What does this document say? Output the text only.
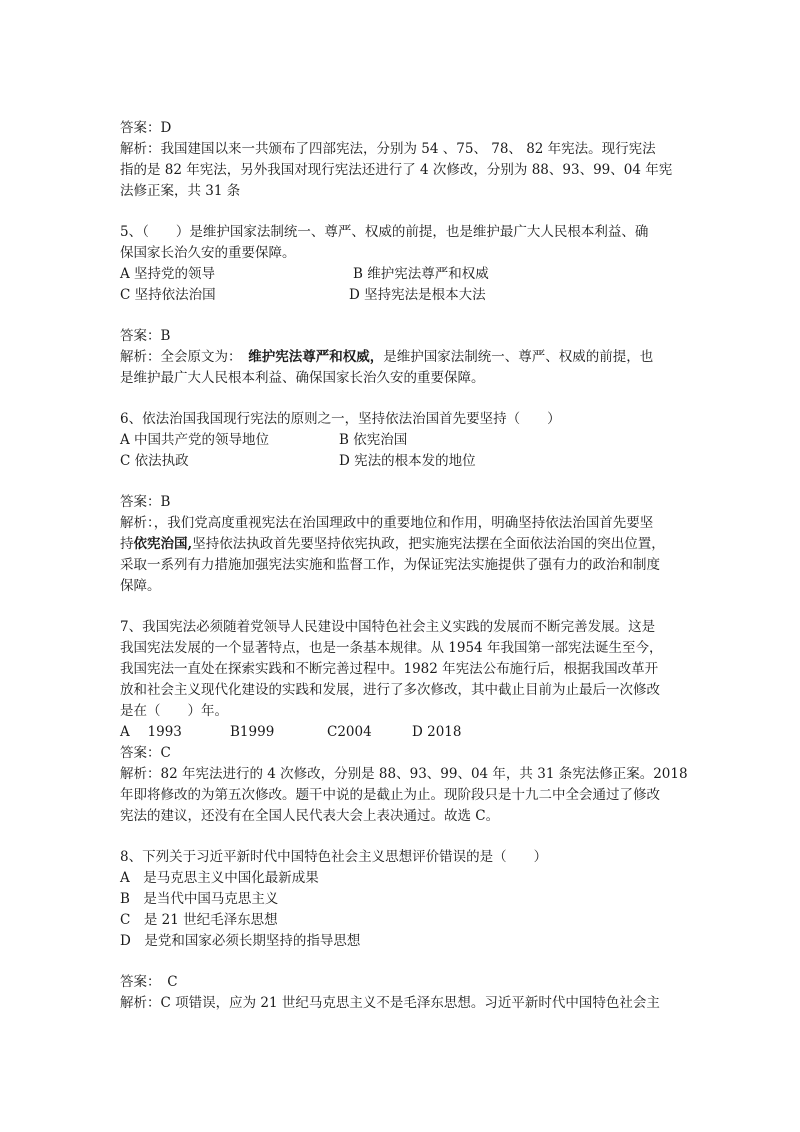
答案：D
解析：我国建国以来一共颁布了四部宪法，分别为 54 、75、 78、 82 年宪法。现行宪法
指的是 82 年宪法，另外我国对现行宪法还进行了 4 次修改，分别为 88、93、99、04 年宪
法修正案，共 31 条
5、（　　）是维护国家法制统一、尊严、权威的前提，也是维护最广大人民根本利益、确
保国家长治久安的重要保障。
A 坚持党的领导	B 维护宪法尊严和权威
C 坚持依法治国	D 坚持宪法是根本大法
答案：B
解析：全会原文为：　 维护宪法尊严和权威，是维护国家法制统一、尊严、权威的前提，也
是维护最广大人民根本利益、确保国家长治久安的重要保障。
6、依法治国我国现行宪法的原则之一，坚持依法治国首先要坚持（　　）
A 中国共产党的领导地位	B 依宪治国
C 依法执政	D 宪法的根本发的地位
答案：B
解析：，我们党高度重视宪法在治国理政中的重要地位和作用，明确坚持依法治国首先要坚
持依宪治国,坚持依法执政首先要坚持依宪执政，把实施宪法摆在全面依法治国的突出位置，
采取一系列有力措施加强宪法实施和监督工作，为保证宪法实施提供了强有力的政治和制度
保障。
7、我国宪法必须随着党领导人民建设中国特色社会主义实践的发展而不断完善发展。这是
我国宪法发展的一个显著特点，也是一条基本规律。从 1954 年我国第一部宪法诞生至今，
我国宪法一直处在探索实践和不断完善过程中。1982 年宪法公布施行后，根据我国改革开
放和社会主义现代化建设的实践和发展，进行了多次修改，其中截止目前为止最后一次修改
是在（　　）年。
A　 1993	B1999	C2004	D 2018
答案：C
解析：82 年宪法进行的 4 次修改，分别是 88、93、99、04 年，共 31 条宪法修正案。2018
年即将修改的为第五次修改。题干中说的是截止为止。现阶段只是十九二中全会通过了修改
宪法的建议，还没有在全国人民代表大会上表决通过。故选 C。
8、下列关于习近平新时代中国特色社会主义思想评价错误的是（　　）
A　是马克思主义中国化最新成果
B　是当代中国马克思主义
C　是 21 世纪毛泽东思想
D　是党和国家必须长期坚持的指导思想
答案：　C
解析：C 项错误，应为 21 世纪马克思主义不是毛泽东思想。习近平新时代中国特色社会主
